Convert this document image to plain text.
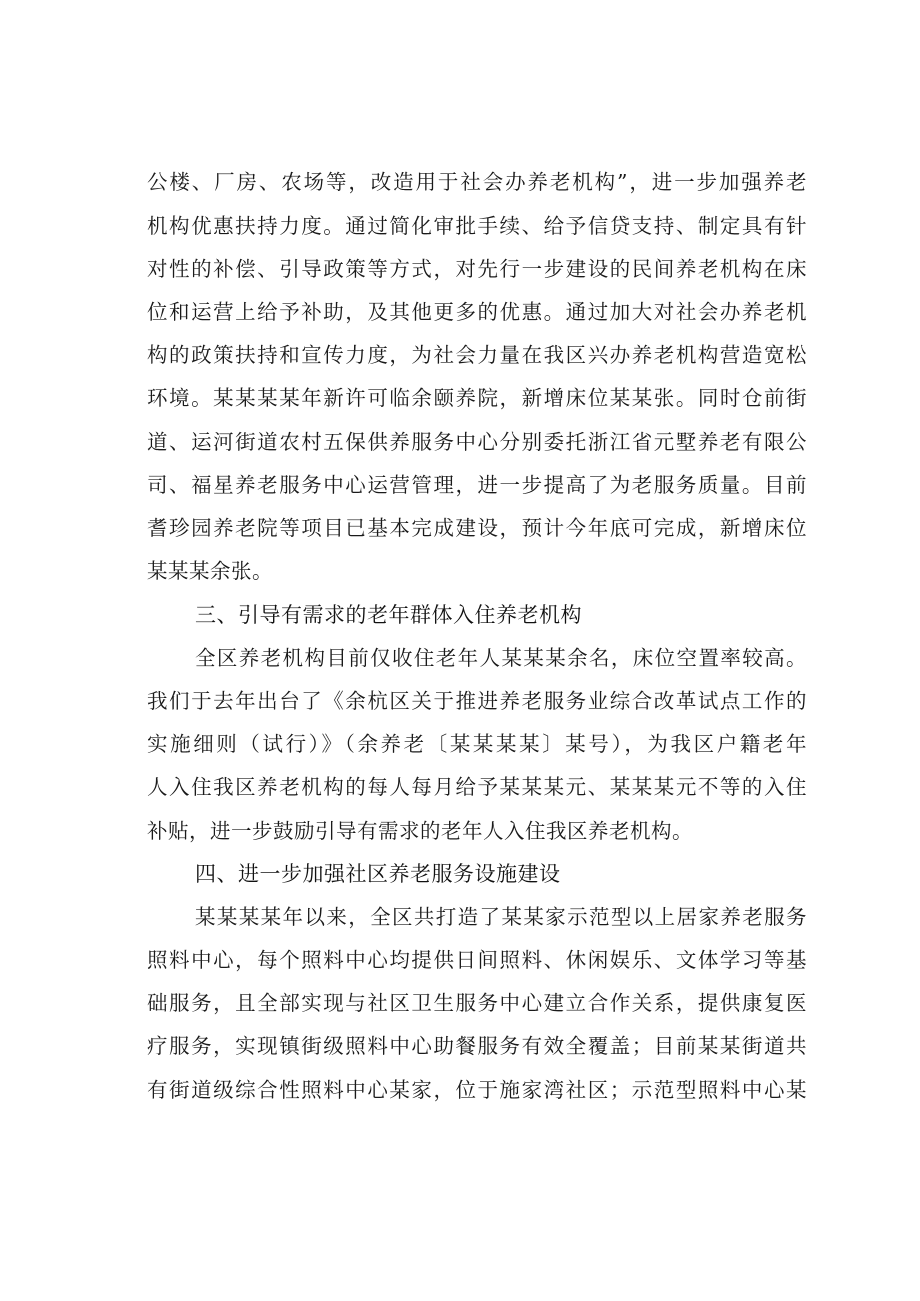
公楼、厂房、农场等，改造用于社会办养老机构”，进一步加强养老
机构优惠扶持力度。通过简化审批手续、给予信贷支持、制定具有针
对性的补偿、引导政策等方式，对先行一步建设的民间养老机构在床
位和运营上给予补助，及其他更多的优惠。通过加大对社会办养老机
构的政策扶持和宣传力度，为社会力量在我区兴办养老机构营造宽松
环境。某某某某年新许可临余颐养院，新增床位某某张。同时仓前街
道、运河街道农村五保供养服务中心分别委托浙江省元墅养老有限公
司、福星养老服务中心运营管理，进一步提高了为老服务质量。目前
耆珍园养老院等项目已基本完成建设，预计今年底可完成，新增床位
某某某余张。
三、引导有需求的老年群体入住养老机构
全区养老机构目前仅收住老年人某某某余名，床位空置率较高。
我们于去年出台了《余杭区关于推进养老服务业综合改革试点工作的
实施细则（试行）》（余养老〔某某某某〕某号），为我区户籍老年
人入住我区养老机构的每人每月给予某某某元、某某某元不等的入住
补贴，进一步鼓励引导有需求的老年人入住我区养老机构。
四、进一步加强社区养老服务设施建设
某某某某年以来，全区共打造了某某家示范型以上居家养老服务
照料中心，每个照料中心均提供日间照料、休闲娱乐、文体学习等基
础服务，且全部实现与社区卫生服务中心建立合作关系，提供康复医
疗服务，实现镇街级照料中心助餐服务有效全覆盖；目前某某街道共
有街道级综合性照料中心某家，位于施家湾社区；示范型照料中心某
